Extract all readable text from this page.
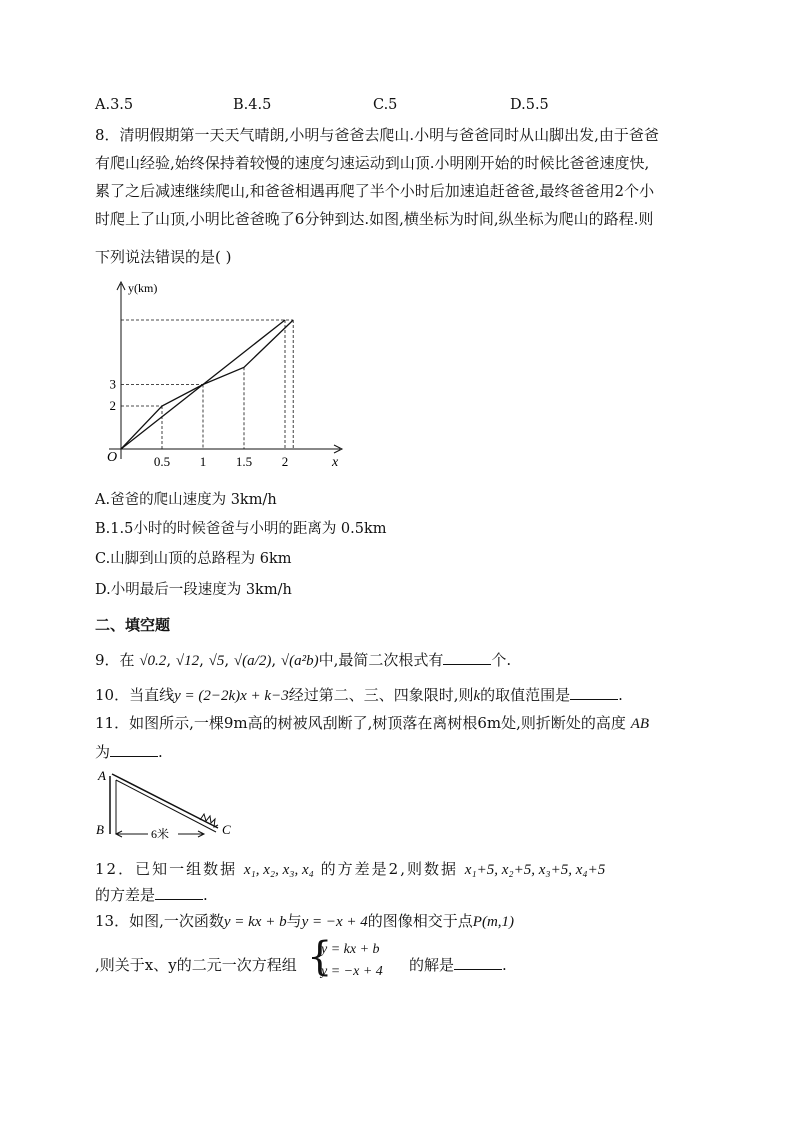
A.3.5	B.4.5	C.5	D.5.5
8．清明假期第一天天气晴朗,小明与爸爸去爬山.小明与爸爸同时从山脚出发,由于爸爸
有爬山经验,始终保持着较慢的速度匀速运动到山顶.小明刚开始的时候比爸爸速度快,
累了之后减速继续爬山,和爸爸相遇再爬了半个小时后加速追赶爸爸,最终爸爸用2个小
时爬上了山顶,小明比爸爸晚了6分钟到达.如图,横坐标为时间,纵坐标为爬山的路程.则
下列说法错误的是( )
0.5 1 1.5 2
2
3
O	x
y(km)
A.爸爸的爬山速度为 3km/h
B.1.5小时的时候爸爸与小明的距离为 0.5km
C.山脚到山顶的总路程为 6km
D.小明最后一段速度为 3km/h
二、填空题
9．在 √0.2, √12, √5, √(a/2), √(a²b)中,最简二次根式有	个.
10．当直线y = (2−2k)x + k−3经过第二、三、四象限时,则k的取值范围是	.
11．如图所示,一棵9m高的树被风刮断了,树顶落在离树根6m处,则折断处的高度 AB
为	.
A
B	C
6米
12．已知一组数据 x₁, x₂, x₃, x₄ 的方差是2,则数据 x₁+5, x₂+5, x₃+5, x₄+5
的方差是	.
13．如图,一次函数y = kx + b与y = −x + 4的图像相交于点P(m,1)
,则关于x、y的二元一次方程组 {
y = kx + b
y = −x + 4 的解是	.
